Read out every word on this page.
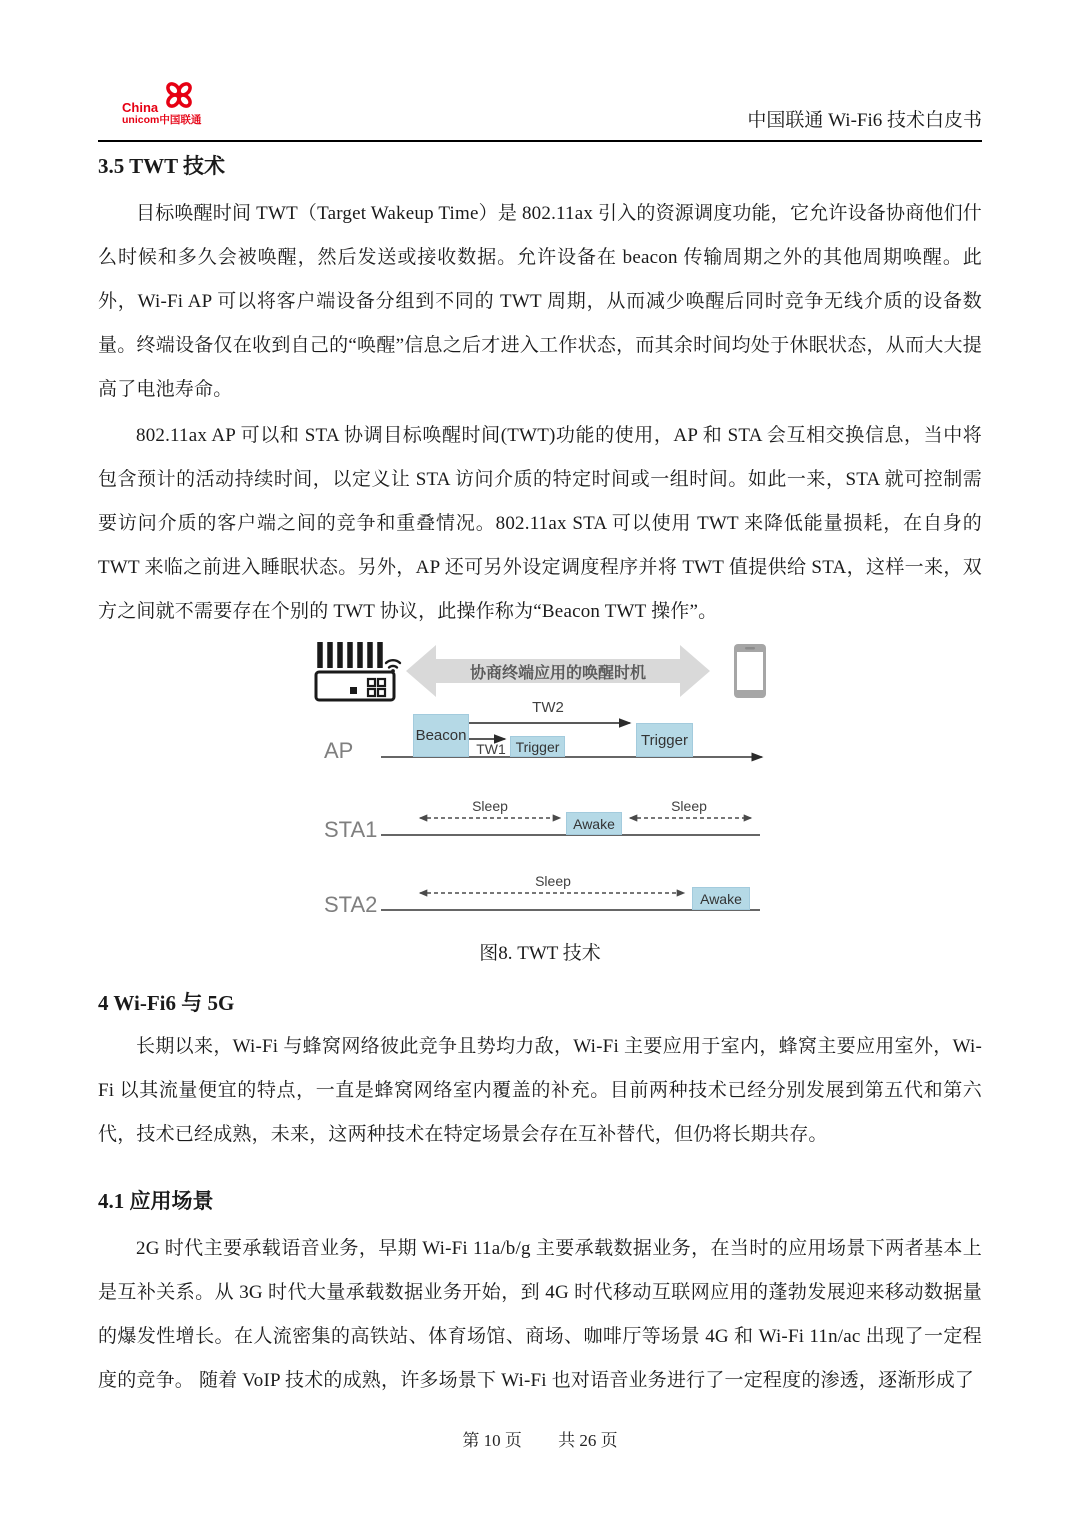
China
unicom中国联通	中国联通 Wi-Fi6 技术白皮书
3.5 TWT 技术

目标唤醒时间 TWT（Target Wakeup Time）是 802.11ax 引入的资源调度功能，它允许设备协商他们什么时候和多久会被唤醒，然后发送或接收数据。允许设备在 beacon 传输周期之外的其他周期唤醒。此外，Wi-Fi AP 可以将客户端设备分组到不同的 TWT 周期，从而减少唤醒后同时竞争无线介质的设备数量。终端设备仅在收到自己的“唤醒”信息之后才进入工作状态，而其余时间均处于休眠状态，从而大大提高了电池寿命。

802.11ax AP 可以和 STA 协调目标唤醒时间(TWT)功能的使用，AP 和 STA 会互相交换信息，当中将包含预计的活动持续时间，以定义让 STA 访问介质的特定时间或一组时间。如此一来，STA 就可控制需要访问介质的客户端之间的竞争和重叠情况。802.11ax STA 可以使用 TWT 来降低能量损耗，在自身的 TWT 来临之前进入睡眠状态。另外，AP 还可另外设定调度程序并将 TWT 值提供给 STA，这样一来，双方之间就不需要存在个别的 TWT 协议，此操作称为“Beacon TWT 操作”。

协商终端应用的唤醒时机
AP
STA1
STA2
Beacon
Trigger	Trigger
Awake
Awake
TW2
TW1
Sleep	Sleep
Sleep
图8. TWT 技术
4 Wi-Fi6 与 5G

长期以来，Wi-Fi 与蜂窝网络彼此竞争且势均力敌，Wi-Fi 主要应用于室内，蜂窝主要应用室外，Wi-Fi 以其流量便宜的特点，一直是蜂窝网络室内覆盖的补充。目前两种技术已经分别发展到第五代和第六代，技术已经成熟，未来，这两种技术在特定场景会存在互补替代，但仍将长期共存。

4.1 应用场景

2G 时代主要承载语音业务，早期 Wi-Fi 11a/b/g 主要承载数据业务，在当时的应用场景下两者基本上是互补关系。从 3G 时代大量承载数据业务开始，到 4G 时代移动互联网应用的蓬勃发展迎来移动数据量的爆发性增长。在人流密集的高铁站、体育场馆、商场、咖啡厅等场景 4G 和 Wi-Fi 11n/ac 出现了一定程度的竞争。 随着 VoIP 技术的成熟，许多场景下 Wi-Fi 也对语音业务进行了一定程度的渗透，逐渐形成了

第 10 页 共 26 页
